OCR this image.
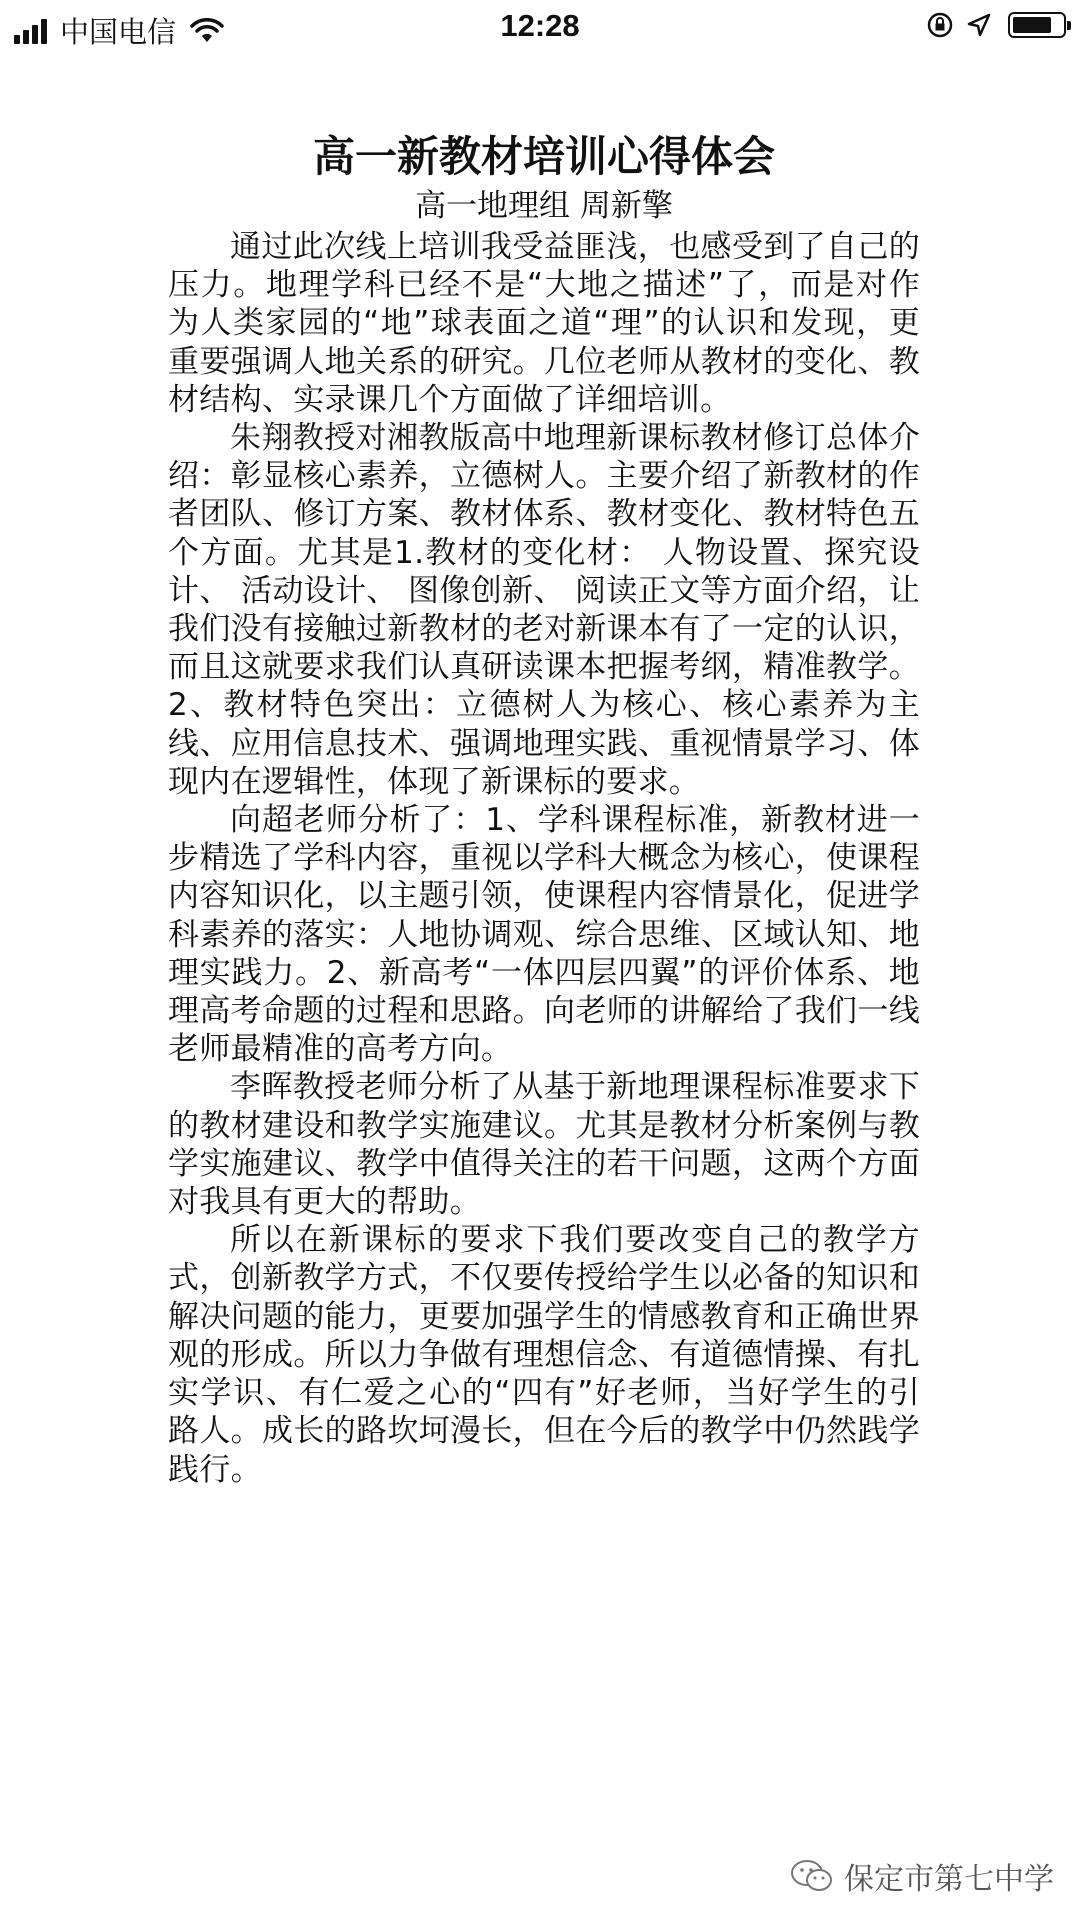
中国电信	12:28
高一新教材培训心得体会
高一地理组 周新擎

通过此次线上培训我受益匪浅，也感受到了自己的压力。地理学科已经不是“大地之描述”了，而是对作为人类家园的“地”球表面之道“理”的认识和发现，更重要强调人地关系的研究。几位老师从教材的变化、教材结构、实录课几个方面做了详细培训。

朱翔教授对湘教版高中地理新课标教材修订总体介绍：彰显核心素养，立德树人。主要介绍了新教材的作者团队、修订方案、教材体系、教材变化、教材特色五个方面。尤其是1.教材的变化材： 人物设置、探究设计、 活动设计、 图像创新、 阅读正文等方面介绍，让我们没有接触过新教材的老对新课本有了一定的认识，而且这就要求我们认真研读课本把握考纲，精准教学。2、教材特色突出：立德树人为核心、核心素养为主线、应用信息技术、强调地理实践、重视情景学习、体现内在逻辑性，体现了新课标的要求。

向超老师分析了：1、学科课程标准，新教材进一步精选了学科内容，重视以学科大概念为核心，使课程内容知识化，以主题引领，使课程内容情景化，促进学科素养的落实：人地协调观、综合思维、区域认知、地理实践力。2、新高考“一体四层四翼”的评价体系、地理高考命题的过程和思路。向老师的讲解给了我们一线老师最精准的高考方向。

李晖教授老师分析了从基于新地理课程标准要求下的教材建设和教学实施建议。尤其是教材分析案例与教学实施建议、教学中值得关注的若干问题，这两个方面对我具有更大的帮助。

所以在新课标的要求下我们要改变自己的教学方式，创新教学方式，不仅要传授给学生以必备的知识和解决问题的能力，更要加强学生的情感教育和正确世界观的形成。所以力争做有理想信念、有道德情操、有扎实学识、有仁爱之心的“四有”好老师，当好学生的引路人。成长的路坎坷漫长，但在今后的教学中仍然践学践行。

保定市第七中学
